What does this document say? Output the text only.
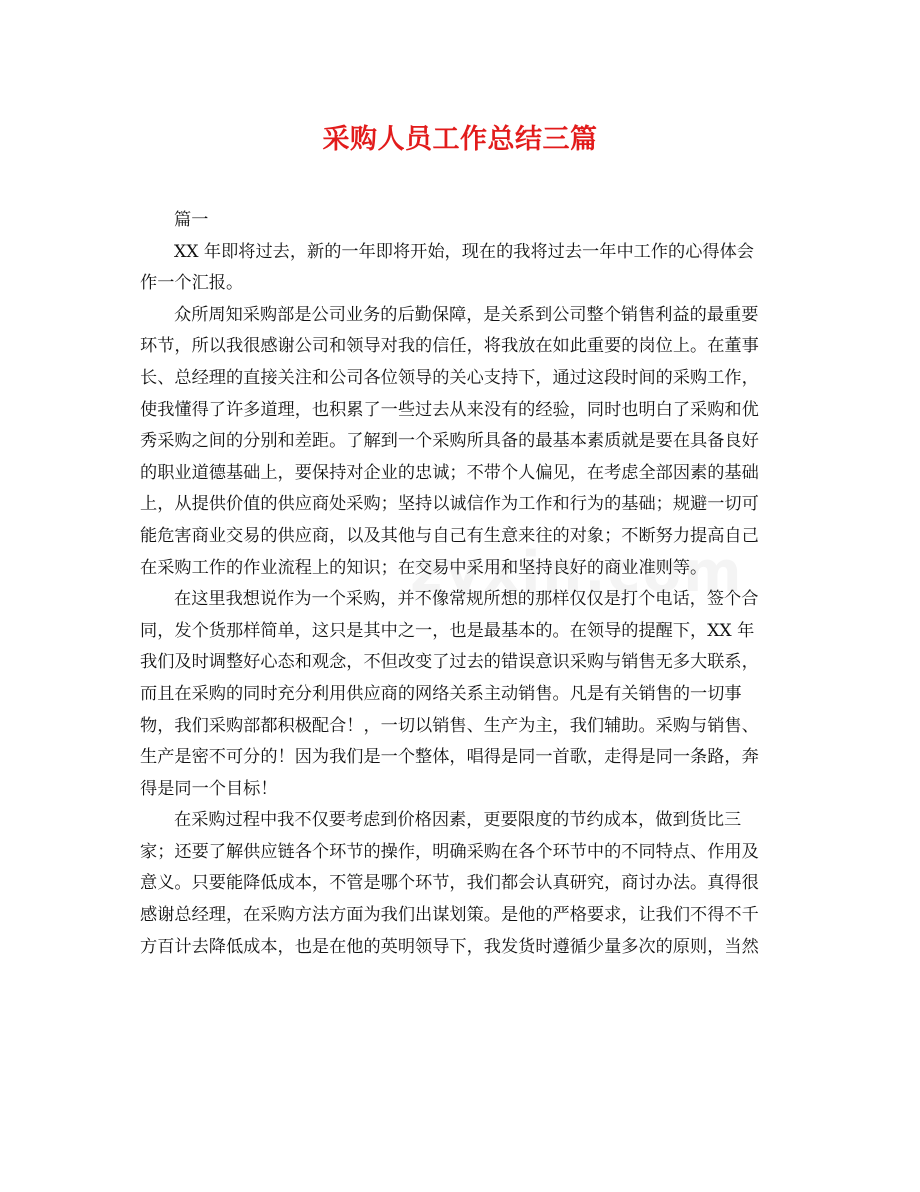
采购人员工作总结三篇
篇一
XX 年即将过去，新的一年即将开始，现在的我将过去一年中工作的心得体会
作一个汇报。
众所周知采购部是公司业务的后勤保障，是关系到公司整个销售利益的最重要
环节，所以我很感谢公司和领导对我的信任，将我放在如此重要的岗位上。在董事
长、总经理的直接关注和公司各位领导的关心支持下，通过这段时间的采购工作，
使我懂得了许多道理，也积累了一些过去从来没有的经验，同时也明白了采购和优
秀采购之间的分别和差距。了解到一个采购所具备的最基本素质就是要在具备良好
的职业道德基础上，要保持对企业的忠诚；不带个人偏见，在考虑全部因素的基础
上，从提供价值的供应商处采购；坚持以诚信作为工作和行为的基础；规避一切可
能危害商业交易的供应商，以及其他与自己有生意来往的对象；不断努力提高自己
在采购工作的作业流程上的知识；在交易中采用和坚持良好的商业准则等。
在这里我想说作为一个采购，并不像常规所想的那样仅仅是打个电话，签个合
同，发个货那样简单，这只是其中之一，也是最基本的。在领导的提醒下，XX 年
我们及时调整好心态和观念，不但改变了过去的错误意识采购与销售无多大联系，
而且在采购的同时充分利用供应商的网络关系主动销售。凡是有关销售的一切事
物，我们采购部都积极配合！，一切以销售、生产为主，我们辅助。采购与销售、
生产是密不可分的！因为我们是一个整体，唱得是同一首歌，走得是同一条路，奔
得是同一个目标！
在采购过程中我不仅要考虑到价格因素，更要限度的节约成本，做到货比三
家；还要了解供应链各个环节的操作，明确采购在各个环节中的不同特点、作用及
意义。只要能降低成本，不管是哪个环节，我们都会认真研究，商讨办法。真得很
感谢总经理，在采购方法方面为我们出谋划策。是他的严格要求，让我们不得不千
方百计去降低成本，也是在他的英明领导下，我发货时遵循少量多次的原则，当然
